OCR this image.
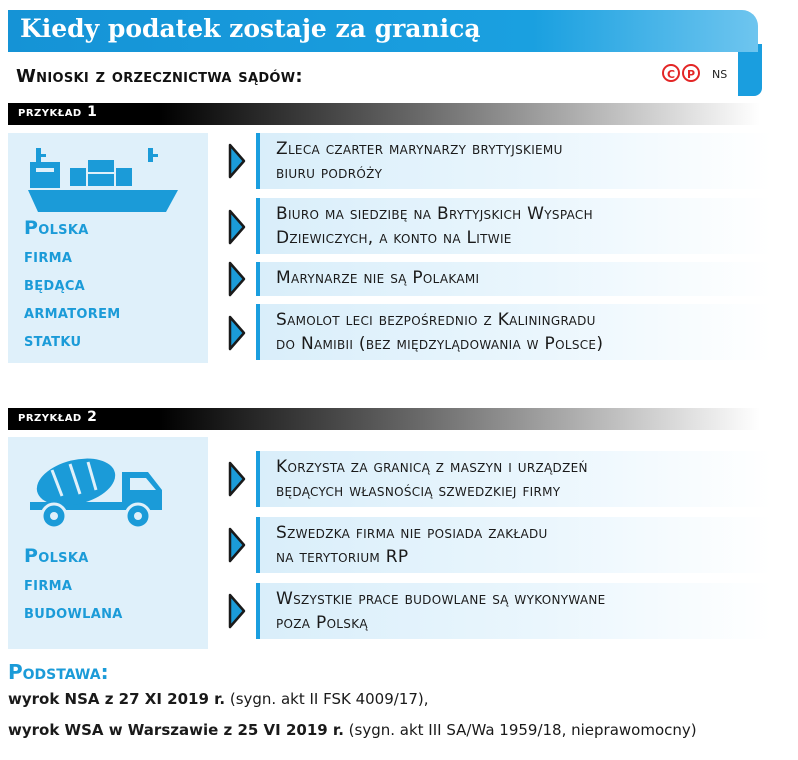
Kiedy podatek zostaje za granicą
Wnioski z orzecznictwa sądów:	C	P	NS
przykład 1
Polska
firma
będąca
armatorem
statku
Zleca czarter marynarzy brytyjskiemu
biuru podróży
Biuro ma siedzibę na Brytyjskich Wyspach
Dziewiczych, a konto na Litwie
Marynarze nie są Polakami
Samolot leci bezpośrednio z Kaliningradu
do Namibii (bez międzylądowania w Polsce)
przykład 2
Polska
firma
budowlana
Korzysta za granicą z maszyn i urządzeń
będących własnością szwedzkiej firmy
Szwedzka firma nie posiada zakładu
na terytorium RP
Wszystkie prace budowlane są wykonywane
poza Polską
Podstawa:
wyrok NSA z 27 XI 2019 r. (sygn. akt II FSK 4009/17),
wyrok WSA w Warszawie z 25 VI 2019 r. (sygn. akt III SA/Wa 1959/18, nieprawomocny)
